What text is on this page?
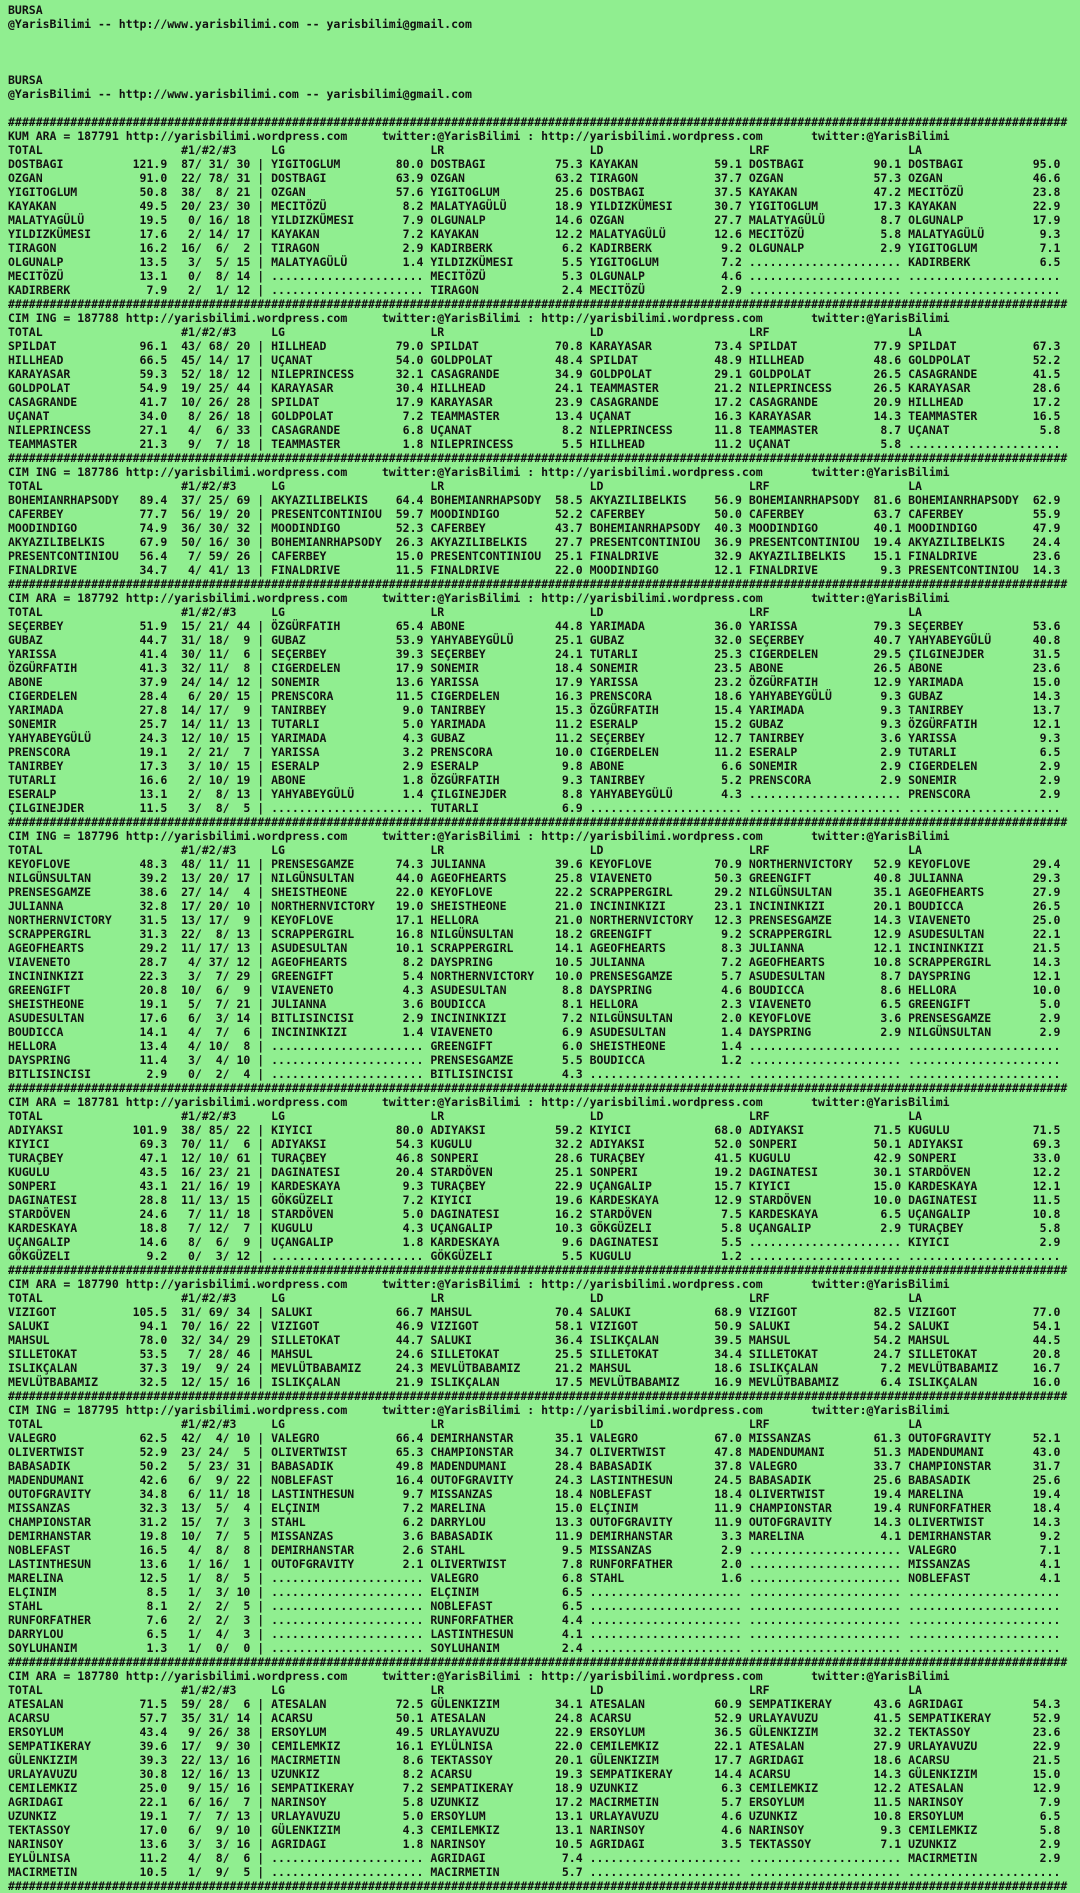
BURSA
@YarisBilimi -- http://www.yarisbilimi.com -- yarisbilimi@gmail.com
BURSA
@YarisBilimi -- http://www.yarisbilimi.com -- yarisbilimi@gmail.com
#########################################################################################################################################################
KUM ARA = 187791 http://yarisbilimi.wordpress.com     twitter:@YarisBilimi : http://yarisbilimi.wordpress.com       twitter:@YarisBilimi
TOTAL                    #1/#2/#3     LG                     LR                     LD                     LRF                    LA
DOSTBAGI          121.9  87/ 31/ 30 | YIGITOGLUM        80.0 DOSTBAGI          75.3 KAYAKAN           59.1 DOSTBAGI          90.1 DOSTBAGI          95.0
OZGAN              91.0  22/ 78/ 31 | DOSTBAGI          63.9 OZGAN             63.2 TIRAGON           37.7 OZGAN             57.3 OZGAN             46.6
YIGITOGLUM         50.8  38/  8/ 21 | OZGAN             57.6 YIGITOGLUM        25.6 DOSTBAGI          37.5 KAYAKAN           47.2 MECITÖZÜ          23.8
KAYAKAN            49.5  20/ 23/ 30 | MECITÖZÜ           8.2 MALATYAGÜLÜ       18.9 YILDIZKÜMESI      30.7 YIGITOGLUM        17.3 KAYAKAN           22.9
MALATYAGÜLÜ        19.5   0/ 16/ 18 | YILDIZKÜMESI       7.9 OLGUNALP          14.6 OZGAN             27.7 MALATYAGÜLÜ        8.7 OLGUNALP          17.9
YILDIZKÜMESI       17.6   2/ 14/ 17 | KAYAKAN            7.2 KAYAKAN           12.2 MALATYAGÜLÜ       12.6 MECITÖZÜ           5.8 MALATYAGÜLÜ        9.3
TIRAGON            16.2  16/  6/  2 | TIRAGON            2.9 KADIRBERK          6.2 KADIRBERK          9.2 OLGUNALP           2.9 YIGITOGLUM         7.1
OLGUNALP           13.5   3/  5/ 15 | MALATYAGÜLÜ        1.4 YILDIZKÜMESI       5.5 YIGITOGLUM         7.2 ...................... KADIRBERK          6.5
MECITÖZÜ           13.1   0/  8/ 14 | ...................... MECITÖZÜ           5.3 OLGUNALP           4.6 ...................... ......................
KADIRBERK           7.9   2/  1/ 12 | ...................... TIRAGON            2.4 MECITÖZÜ           2.9 ...................... ......................
#########################################################################################################################################################
CIM ING = 187788 http://yarisbilimi.wordpress.com     twitter:@YarisBilimi : http://yarisbilimi.wordpress.com       twitter:@YarisBilimi
TOTAL                    #1/#2/#3     LG                     LR                     LD                     LRF                    LA
SPILDAT            96.1  43/ 68/ 20 | HILLHEAD          79.0 SPILDAT           70.8 KARAYASAR         73.4 SPILDAT           77.9 SPILDAT           67.3
HILLHEAD           66.5  45/ 14/ 17 | UÇANAT            54.0 GOLDPOLAT         48.4 SPILDAT           48.9 HILLHEAD          48.6 GOLDPOLAT         52.2
KARAYASAR          59.3  52/ 18/ 12 | NILEPRINCESS      32.1 CASAGRANDE        34.9 GOLDPOLAT         29.1 GOLDPOLAT         26.5 CASAGRANDE        41.5
GOLDPOLAT          54.9  19/ 25/ 44 | KARAYASAR         30.4 HILLHEAD          24.1 TEAMMASTER        21.2 NILEPRINCESS      26.5 KARAYASAR         28.6
CASAGRANDE         41.7  10/ 26/ 28 | SPILDAT           17.9 KARAYASAR         23.9 CASAGRANDE        17.2 CASAGRANDE        20.9 HILLHEAD          17.2
UÇANAT             34.0   8/ 26/ 18 | GOLDPOLAT          7.2 TEAMMASTER        13.4 UÇANAT            16.3 KARAYASAR         14.3 TEAMMASTER        16.5
NILEPRINCESS       27.1   4/  6/ 33 | CASAGRANDE         6.8 UÇANAT             8.2 NILEPRINCESS      11.8 TEAMMASTER         8.7 UÇANAT             5.8
TEAMMASTER         21.3   9/  7/ 18 | TEAMMASTER         1.8 NILEPRINCESS       5.5 HILLHEAD          11.2 UÇANAT             5.8 ......................
#########################################################################################################################################################
CIM ING = 187786 http://yarisbilimi.wordpress.com     twitter:@YarisBilimi : http://yarisbilimi.wordpress.com       twitter:@YarisBilimi
TOTAL                    #1/#2/#3     LG                     LR                     LD                     LRF                    LA
BOHEMIANRHAPSODY   89.4  37/ 25/ 69 | AKYAZILIBELKIS    64.4 BOHEMIANRHAPSODY  58.5 AKYAZILIBELKIS    56.9 BOHEMIANRHAPSODY  81.6 BOHEMIANRHAPSODY  62.9
CAFERBEY           77.7  56/ 19/ 20 | PRESENTCONTINIOU  59.7 MOODINDIGO        52.2 CAFERBEY          50.0 CAFERBEY          63.7 CAFERBEY          55.9
MOODINDIGO         74.9  36/ 30/ 32 | MOODINDIGO        52.3 CAFERBEY          43.7 BOHEMIANRHAPSODY  40.3 MOODINDIGO        40.1 MOODINDIGO        47.9
AKYAZILIBELKIS     67.9  50/ 16/ 30 | BOHEMIANRHAPSODY  26.3 AKYAZILIBELKIS    27.7 PRESENTCONTINIOU  36.9 PRESENTCONTINIOU  19.4 AKYAZILIBELKIS    24.4
PRESENTCONTINIOU   56.4   7/ 59/ 26 | CAFERBEY          15.0 PRESENTCONTINIOU  25.1 FINALDRIVE        32.9 AKYAZILIBELKIS    15.1 FINALDRIVE        23.6
FINALDRIVE         34.7   4/ 41/ 13 | FINALDRIVE        11.5 FINALDRIVE        22.0 MOODINDIGO        12.1 FINALDRIVE         9.3 PRESENTCONTINIOU  14.3
#########################################################################################################################################################
CIM ARA = 187792 http://yarisbilimi.wordpress.com     twitter:@YarisBilimi : http://yarisbilimi.wordpress.com       twitter:@YarisBilimi
TOTAL                    #1/#2/#3     LG                     LR                     LD                     LRF                    LA
SEÇERBEY           51.9  15/ 21/ 44 | ÖZGÜRFATIH        65.4 ABONE             44.8 YARIMADA          36.0 YARISSA           79.3 SEÇERBEY          53.6
GUBAZ              44.7  31/ 18/  9 | GUBAZ             53.9 YAHYABEYGÜLÜ      25.1 GUBAZ             32.0 SEÇERBEY          40.7 YAHYABEYGÜLÜ      40.8
YARISSA            41.4  30/ 11/  6 | SEÇERBEY          39.3 SEÇERBEY          24.1 TUTARLI           25.3 CIGERDELEN        29.5 ÇILGINEJDER       31.5
ÖZGÜRFATIH         41.3  32/ 11/  8 | CIGERDELEN        17.9 SONEMIR           18.4 SONEMIR           23.5 ABONE             26.5 ABONE             23.6
ABONE              37.9  24/ 14/ 12 | SONEMIR           13.6 YARISSA           17.9 YARISSA           23.2 ÖZGÜRFATIH        12.9 YARIMADA          15.0
CIGERDELEN         28.4   6/ 20/ 15 | PRENSCORA         11.5 CIGERDELEN        16.3 PRENSCORA         18.6 YAHYABEYGÜLÜ       9.3 GUBAZ             14.3
YARIMADA           27.8  14/ 17/  9 | TANIRBEY           9.0 TANIRBEY          15.3 ÖZGÜRFATIH        15.4 YARIMADA           9.3 TANIRBEY          13.7
SONEMIR            25.7  14/ 11/ 13 | TUTARLI            5.0 YARIMADA          11.2 ESERALP           15.2 GUBAZ              9.3 ÖZGÜRFATIH        12.1
YAHYABEYGÜLÜ       24.3  12/ 10/ 15 | YARIMADA           4.3 GUBAZ             11.2 SEÇERBEY          12.7 TANIRBEY           3.6 YARISSA            9.3
PRENSCORA          19.1   2/ 21/  7 | YARISSA            3.2 PRENSCORA         10.0 CIGERDELEN        11.2 ESERALP            2.9 TUTARLI            6.5
TANIRBEY           17.3   3/ 10/ 15 | ESERALP            2.9 ESERALP            9.8 ABONE              6.6 SONEMIR            2.9 CIGERDELEN         2.9
TUTARLI            16.6   2/ 10/ 19 | ABONE              1.8 ÖZGÜRFATIH         9.3 TANIRBEY           5.2 PRENSCORA          2.9 SONEMIR            2.9
ESERALP            13.1   2/  8/ 13 | YAHYABEYGÜLÜ       1.4 ÇILGINEJDER        8.8 YAHYABEYGÜLÜ       4.3 ...................... PRENSCORA          2.9
ÇILGINEJDER        11.5   3/  8/  5 | ...................... TUTARLI            6.9 ...................... ...................... ......................
#########################################################################################################################################################
CIM ING = 187796 http://yarisbilimi.wordpress.com     twitter:@YarisBilimi : http://yarisbilimi.wordpress.com       twitter:@YarisBilimi
TOTAL                    #1/#2/#3     LG                     LR                     LD                     LRF                    LA
KEYOFLOVE          48.3  48/ 11/ 11 | PRENSESGAMZE      74.3 JULIANNA          39.6 KEYOFLOVE         70.9 NORTHERNVICTORY   52.9 KEYOFLOVE         29.4
NILGÜNSULTAN       39.2  13/ 20/ 17 | NILGÜNSULTAN      44.0 AGEOFHEARTS       25.8 VIAVENETO         50.3 GREENGIFT         40.8 JULIANNA          29.3
PRENSESGAMZE       38.6  27/ 14/  4 | SHEISTHEONE       22.0 KEYOFLOVE         22.2 SCRAPPERGIRL      29.2 NILGÜNSULTAN      35.1 AGEOFHEARTS       27.9
JULIANNA           32.8  17/ 20/ 10 | NORTHERNVICTORY   19.0 SHEISTHEONE       21.0 INCININKIZI       23.1 INCININKIZI       20.1 BOUDICCA          26.5
NORTHERNVICTORY    31.5  13/ 17/  9 | KEYOFLOVE         17.1 HELLORA           21.0 NORTHERNVICTORY   12.3 PRENSESGAMZE      14.3 VIAVENETO         25.0
SCRAPPERGIRL       31.3  22/  8/ 13 | SCRAPPERGIRL      16.8 NILGÜNSULTAN      18.2 GREENGIFT          9.2 SCRAPPERGIRL      12.9 ASUDESULTAN       22.1
AGEOFHEARTS        29.2  11/ 17/ 13 | ASUDESULTAN       10.1 SCRAPPERGIRL      14.1 AGEOFHEARTS        8.3 JULIANNA          12.1 INCININKIZI       21.5
VIAVENETO          28.7   4/ 37/ 12 | AGEOFHEARTS        8.2 DAYSPRING         10.5 JULIANNA           7.2 AGEOFHEARTS       10.8 SCRAPPERGIRL      14.3
INCININKIZI        22.3   3/  7/ 29 | GREENGIFT          5.4 NORTHERNVICTORY   10.0 PRENSESGAMZE       5.7 ASUDESULTAN        8.7 DAYSPRING         12.1
GREENGIFT          20.8  10/  6/  9 | VIAVENETO          4.3 ASUDESULTAN        8.8 DAYSPRING          4.6 BOUDICCA           8.6 HELLORA           10.0
SHEISTHEONE        19.1   5/  7/ 21 | JULIANNA           3.6 BOUDICCA           8.1 HELLORA            2.3 VIAVENETO          6.5 GREENGIFT          5.0
ASUDESULTAN        17.6   6/  3/ 14 | BITLISINCISI       2.9 INCININKIZI        7.2 NILGÜNSULTAN       2.0 KEYOFLOVE          3.6 PRENSESGAMZE       2.9
BOUDICCA           14.1   4/  7/  6 | INCININKIZI        1.4 VIAVENETO          6.9 ASUDESULTAN        1.4 DAYSPRING          2.9 NILGÜNSULTAN       2.9
HELLORA            13.4   4/ 10/  8 | ...................... GREENGIFT          6.0 SHEISTHEONE        1.4 ...................... ......................
DAYSPRING          11.4   3/  4/ 10 | ...................... PRENSESGAMZE       5.5 BOUDICCA           1.2 ...................... ......................
BITLISINCISI        2.9   0/  2/  4 | ...................... BITLISINCISI       4.3 ...................... ...................... ......................
#########################################################################################################################################################
CIM ARA = 187781 http://yarisbilimi.wordpress.com     twitter:@YarisBilimi : http://yarisbilimi.wordpress.com       twitter:@YarisBilimi
TOTAL                    #1/#2/#3     LG                     LR                     LD                     LRF                    LA
ADIYAKSI          101.9  38/ 85/ 22 | KIYICI            80.0 ADIYAKSI          59.2 KIYICI            68.0 ADIYAKSI          71.5 KUGULU            71.5
KIYICI             69.3  70/ 11/  6 | ADIYAKSI          54.3 KUGULU            32.2 ADIYAKSI          52.0 SONPERI           50.1 ADIYAKSI          69.3
TURAÇBEY           47.1  12/ 10/ 61 | TURAÇBEY          46.8 SONPERI           28.6 TURAÇBEY          41.5 KUGULU            42.9 SONPERI           33.0
KUGULU             43.5  16/ 23/ 21 | DAGINATESI        20.4 STARDÖVEN         25.1 SONPERI           19.2 DAGINATESI        30.1 STARDÖVEN         12.2
SONPERI            43.1  21/ 16/ 19 | KARDESKAYA         9.3 TURAÇBEY          22.9 UÇANGALIP         15.7 KIYICI            15.0 KARDESKAYA        12.1
DAGINATESI         28.8  11/ 13/ 15 | GÖKGÜZELI          7.2 KIYICI            19.6 KARDESKAYA        12.9 STARDÖVEN         10.0 DAGINATESI        11.5
STARDÖVEN          24.6   7/ 11/ 18 | STARDÖVEN          5.0 DAGINATESI        16.2 STARDÖVEN          7.5 KARDESKAYA         6.5 UÇANGALIP         10.8
KARDESKAYA         18.8   7/ 12/  7 | KUGULU             4.3 UÇANGALIP         10.3 GÖKGÜZELI          5.8 UÇANGALIP          2.9 TURAÇBEY           5.8
UÇANGALIP          14.6   8/  6/  9 | UÇANGALIP          1.8 KARDESKAYA         9.6 DAGINATESI         5.5 ...................... KIYICI             2.9
GÖKGÜZELI           9.2   0/  3/ 12 | ...................... GÖKGÜZELI          5.5 KUGULU             1.2 ...................... ......................
#########################################################################################################################################################
CIM ARA = 187790 http://yarisbilimi.wordpress.com     twitter:@YarisBilimi : http://yarisbilimi.wordpress.com       twitter:@YarisBilimi
TOTAL                    #1/#2/#3     LG                     LR                     LD                     LRF                    LA
VIZIGOT           105.5  31/ 69/ 34 | SALUKI            66.7 MAHSUL            70.4 SALUKI            68.9 VIZIGOT           82.5 VIZIGOT           77.0
SALUKI             94.1  70/ 16/ 22 | VIZIGOT           46.9 VIZIGOT           58.1 VIZIGOT           50.9 SALUKI            54.2 SALUKI            54.1
MAHSUL             78.0  32/ 34/ 29 | SILLETOKAT        44.7 SALUKI            36.4 ISLIKÇALAN        39.5 MAHSUL            54.2 MAHSUL            44.5
SILLETOKAT         53.5   7/ 28/ 46 | MAHSUL            24.6 SILLETOKAT        25.5 SILLETOKAT        34.4 SILLETOKAT        24.7 SILLETOKAT        20.8
ISLIKÇALAN         37.3  19/  9/ 24 | MEVLÜTBABAMIZ     24.3 MEVLÜTBABAMIZ     21.2 MAHSUL            18.6 ISLIKÇALAN         7.2 MEVLÜTBABAMIZ     16.7
MEVLÜTBABAMIZ      32.5  12/ 15/ 16 | ISLIKÇALAN        21.9 ISLIKÇALAN        17.5 MEVLÜTBABAMIZ     16.9 MEVLÜTBABAMIZ      6.4 ISLIKÇALAN        16.0
#########################################################################################################################################################
CIM ING = 187795 http://yarisbilimi.wordpress.com     twitter:@YarisBilimi : http://yarisbilimi.wordpress.com       twitter:@YarisBilimi
TOTAL                    #1/#2/#3     LG                     LR                     LD                     LRF                    LA
VALEGRO            62.5  42/  4/ 10 | VALEGRO           66.4 DEMIRHANSTAR      35.1 VALEGRO           67.0 MISSANZAS         61.3 OUTOFGRAVITY      52.1
OLIVERTWIST        52.9  23/ 24/  5 | OLIVERTWIST       65.3 CHAMPIONSTAR      34.7 OLIVERTWIST       47.8 MADENDUMANI       51.3 MADENDUMANI       43.0
BABASADIK          50.2   5/ 23/ 31 | BABASADIK         49.8 MADENDUMANI       28.4 BABASADIK         37.8 VALEGRO           33.7 CHAMPIONSTAR      31.7
MADENDUMANI        42.6   6/  9/ 22 | NOBLEFAST         16.4 OUTOFGRAVITY      24.3 LASTINTHESUN      24.5 BABASADIK         25.6 BABASADIK         25.6
OUTOFGRAVITY       34.8   6/ 11/ 18 | LASTINTHESUN       9.7 MISSANZAS         18.4 NOBLEFAST         18.4 OLIVERTWIST       19.4 MARELINA          19.4
MISSANZAS          32.3  13/  5/  4 | ELÇINIM            7.2 MARELINA          15.0 ELÇINIM           11.9 CHAMPIONSTAR      19.4 RUNFORFATHER      18.4
CHAMPIONSTAR       31.2  15/  7/  3 | STAHL              6.2 DARRYLOU          13.3 OUTOFGRAVITY      11.9 OUTOFGRAVITY      14.3 OLIVERTWIST       14.3
DEMIRHANSTAR       19.8  10/  7/  5 | MISSANZAS          3.6 BABASADIK         11.9 DEMIRHANSTAR       3.3 MARELINA           4.1 DEMIRHANSTAR       9.2
NOBLEFAST          16.5   4/  8/  8 | DEMIRHANSTAR       2.6 STAHL              9.5 MISSANZAS          2.9 ...................... VALEGRO            7.1
LASTINTHESUN       13.6   1/ 16/  1 | OUTOFGRAVITY       2.1 OLIVERTWIST        7.8 RUNFORFATHER       2.0 ...................... MISSANZAS          4.1
MARELINA           12.5   1/  8/  5 | ...................... VALEGRO            6.8 STAHL              1.6 ...................... NOBLEFAST          4.1
ELÇINIM             8.5   1/  3/ 10 | ...................... ELÇINIM            6.5 ...................... ...................... ......................
STAHL               8.1   2/  2/  5 | ...................... NOBLEFAST          6.5 ...................... ...................... ......................
RUNFORFATHER        7.6   2/  2/  3 | ...................... RUNFORFATHER       4.4 ...................... ...................... ......................
DARRYLOU            6.5   1/  4/  3 | ...................... LASTINTHESUN       4.1 ...................... ...................... ......................
SOYLUHANIM          1.3   1/  0/  0 | ...................... SOYLUHANIM         2.4 ...................... ...................... ......................
#########################################################################################################################################################
CIM ARA = 187780 http://yarisbilimi.wordpress.com     twitter:@YarisBilimi : http://yarisbilimi.wordpress.com       twitter:@YarisBilimi
TOTAL                    #1/#2/#3     LG                     LR                     LD                     LRF                    LA
ATESALAN           71.5  59/ 28/  6 | ATESALAN          72.5 GÜLENKIZIM        34.1 ATESALAN          60.9 SEMPATIKERAY      43.6 AGRIDAGI          54.3
ACARSU             57.7  35/ 31/ 14 | ACARSU            50.1 ATESALAN          24.8 ACARSU            52.9 URLAYAVUZU        41.5 SEMPATIKERAY      52.9
ERSOYLUM           43.4   9/ 26/ 38 | ERSOYLUM          49.5 URLAYAVUZU        22.9 ERSOYLUM          36.5 GÜLENKIZIM        32.2 TEKTASSOY         23.6
SEMPATIKERAY       39.6  17/  9/ 30 | CEMILEMKIZ        16.1 EYLÜLNISA         22.0 CEMILEMKIZ        22.1 ATESALAN          27.9 URLAYAVUZU        22.9
GÜLENKIZIM         39.3  22/ 13/ 16 | MACIRMETIN         8.6 TEKTASSOY         20.1 GÜLENKIZIM        17.7 AGRIDAGI          18.6 ACARSU            21.5
URLAYAVUZU         30.8  12/ 16/ 13 | UZUNKIZ            8.2 ACARSU            19.3 SEMPATIKERAY      14.4 ACARSU            14.3 GÜLENKIZIM        15.0
CEMILEMKIZ         25.0   9/ 15/ 16 | SEMPATIKERAY       7.2 SEMPATIKERAY      18.9 UZUNKIZ            6.3 CEMILEMKIZ        12.2 ATESALAN          12.9
AGRIDAGI           22.1   6/ 16/  7 | NARINSOY           5.8 UZUNKIZ           17.2 MACIRMETIN         5.7 ERSOYLUM          11.5 NARINSOY           7.9
UZUNKIZ            19.1   7/  7/ 13 | URLAYAVUZU         5.0 ERSOYLUM          13.1 URLAYAVUZU         4.6 UZUNKIZ           10.8 ERSOYLUM           6.5
TEKTASSOY          17.0   6/  9/ 10 | GÜLENKIZIM         4.3 CEMILEMKIZ        13.1 NARINSOY           4.6 NARINSOY           9.3 CEMILEMKIZ         5.8
NARINSOY           13.6   3/  3/ 16 | AGRIDAGI           1.8 NARINSOY          10.5 AGRIDAGI           3.5 TEKTASSOY          7.1 UZUNKIZ            2.9
EYLÜLNISA          11.2   4/  8/  6 | ...................... AGRIDAGI           7.4 ...................... ...................... MACIRMETIN         2.9
MACIRMETIN         10.5   1/  9/  5 | ...................... MACIRMETIN         5.7 ...................... ...................... ......................
#########################################################################################################################################################
